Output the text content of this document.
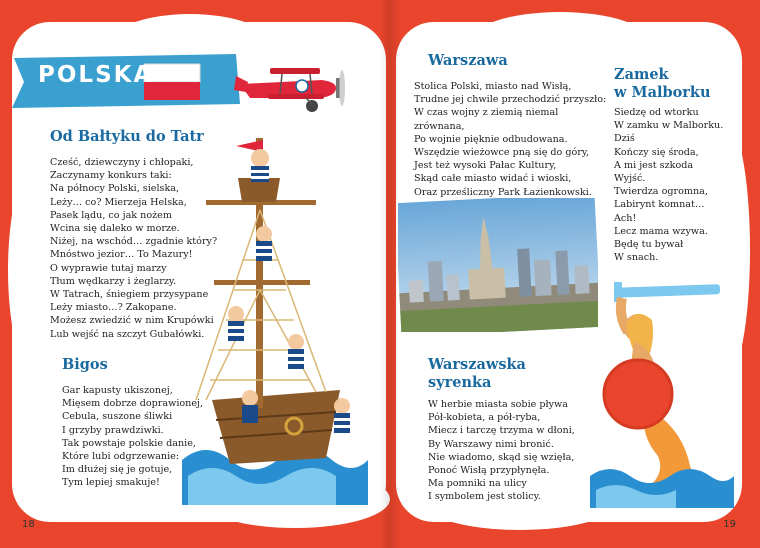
POLSKA
Od Bałtyku do Tatr

Cześć, dziewczyny i chłopaki,
Zaczynamy konkurs taki:
Na północy Polski, sielska,
Leży… co? Mierzeja Helska,
Pasek lądu, co jak nożem
Wcina się daleko w morze.
Niżej, na wschód… zgadnie który?
Mnóstwo jezior… To Mazury!
O wyprawie tutaj marzy
Tłum wędkarzy i żeglarzy.
W Tatrach, śniegiem przysypane
Leży miasto…? Zakopane.
Możesz zwiedzić w nim Krupówki
Lub wejść na szczyt Gubałówki.

Bigos

Gar kapusty ukiszonej,
Mięsem dobrze doprawionej,
Cebula, suszone śliwki
I grzyby prawdziwki.
Tak powstaje polskie danie,
Które lubi odgrzewanie:
Im dłużej się je gotuje,
Tym lepiej smakuje!

18
Warszawa

Stolica Polski, miasto nad Wisłą,
Trudne jej chwile przechodzić przyszło:
W czas wojny z ziemią niemal zrównana,
Po wojnie pięknie odbudowana.
Wszędzie wieżowce pną się do góry,
Jest też wysoki Pałac Kultury,
Skąd całe miasto widać i wioski,
Oraz prześliczny Park Łazienkowski.

Zamek
w Malborku

Siedzę od wtorku
W zamku w Malborku.
Dziś
Kończy się środa,
A mi jest szkoda
Wyjść.
Twierdza ogromna,
Labirynt komnat…
Ach!
Lecz mama wzywa.
Będę tu bywał
W snach.

Warszawska
syrenka

W herbie miasta sobie pływa
Pół-kobieta, a pół-ryba,
Miecz i tarczę trzyma w dłoni,
By Warszawy nimi bronić.
Nie wiadomo, skąd się wzięła,
Ponoć Wisłą przypłynęła.
Ma pomniki na ulicy
I symbolem jest stolicy.

19
